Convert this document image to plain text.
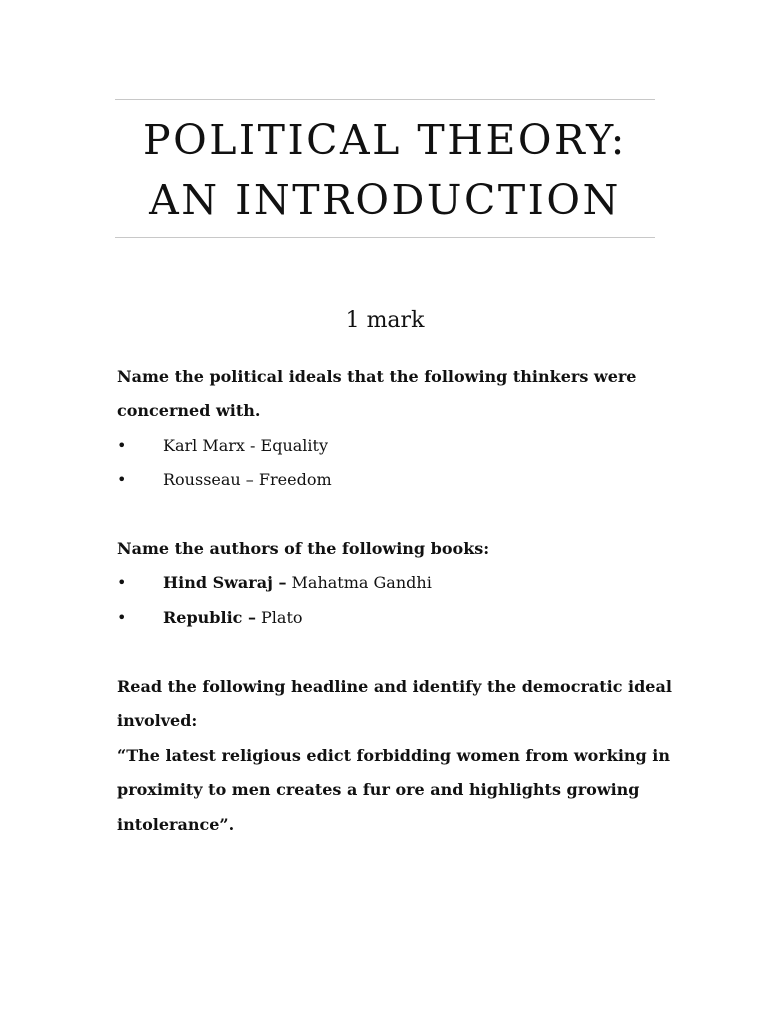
POLITICAL THEORY:
AN INTRODUCTION
1 mark
Name the political ideals that the following thinkers were
concerned with.
• Karl Marx - Equality
• Rousseau – Freedom
Name the authors of the following books:
• Hind Swaraj – Mahatma Gandhi
• Republic – Plato
Read the following headline and identify the democratic ideal
involved:
“The latest religious edict forbidding women from working in
proximity to men creates a fur ore and highlights growing
intolerance”.
